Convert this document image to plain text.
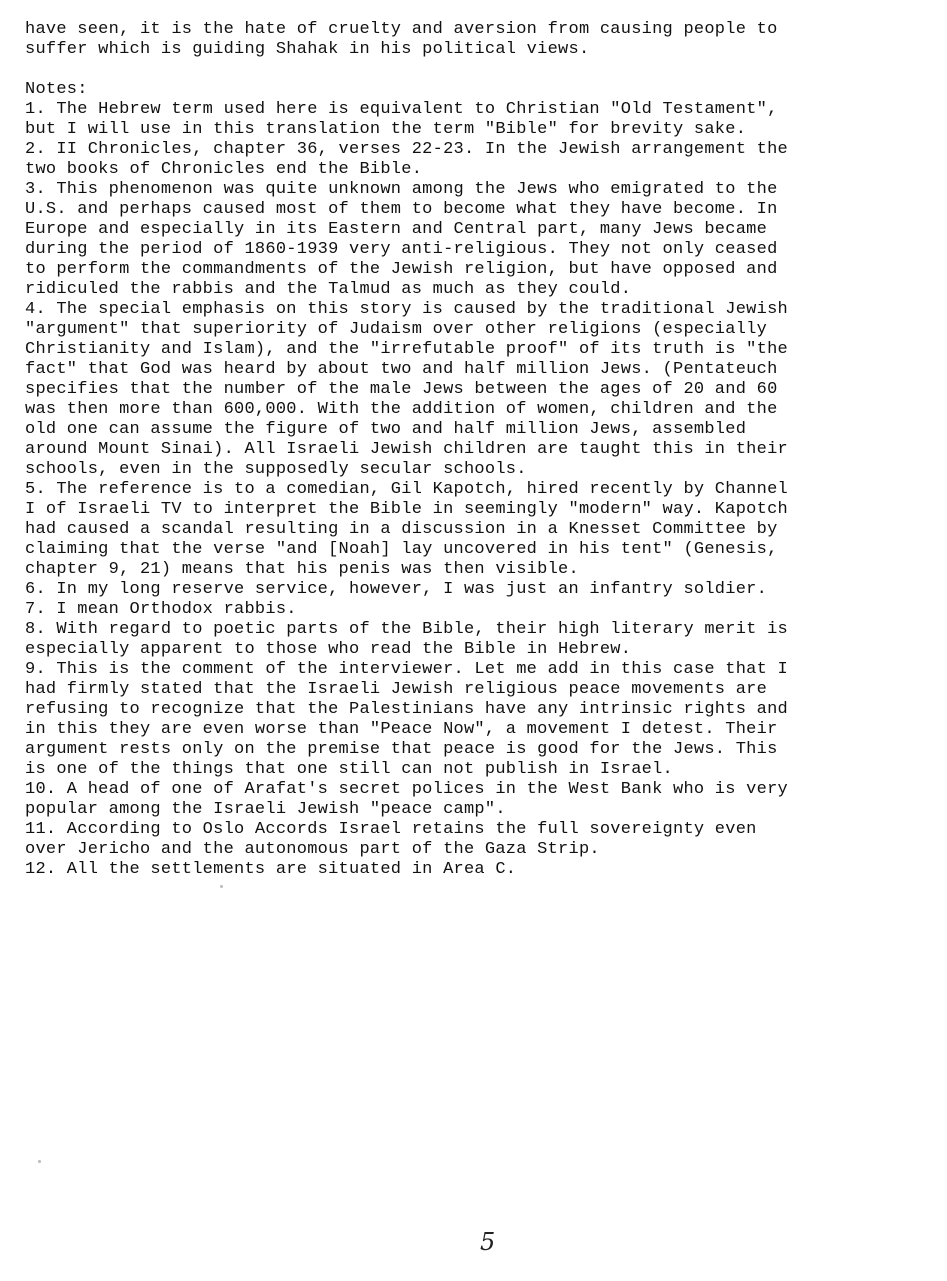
have seen, it is the hate of cruelty and aversion from causing people to
suffer which is guiding Shahak in his political views.
Notes:
1. The Hebrew term used here is equivalent to Christian "Old Testament",
but I will use in this translation the term "Bible" for brevity sake.
2. II Chronicles, chapter 36, verses 22-23. In the Jewish arrangement the
two books of Chronicles end the Bible.
3. This phenomenon was quite unknown among the Jews who emigrated to the
U.S. and perhaps caused most of them to become what they have become. In
Europe and especially in its Eastern and Central part, many Jews became
during the period of 1860-1939 very anti-religious. They not only ceased
to perform the commandments of the Jewish religion, but have opposed and
ridiculed the rabbis and the Talmud as much as they could.
4. The special emphasis on this story is caused by the traditional Jewish
"argument" that superiority of Judaism over other religions (especially
Christianity and Islam), and the "irrefutable proof" of its truth is "the
fact" that God was heard by about two and half million Jews. (Pentateuch
specifies that the number of the male Jews between the ages of 20 and 60
was then more than 600,000. With the addition of women, children and the
old one can assume the figure of two and half million Jews, assembled
around Mount Sinai). All Israeli Jewish children are taught this in their
schools, even in the supposedly secular schools.
5. The reference is to a comedian, Gil Kapotch, hired recently by Channel
I of Israeli TV to interpret the Bible in seemingly "modern" way. Kapotch
had caused a scandal resulting in a discussion in a Knesset Committee by
claiming that the verse "and [Noah] lay uncovered in his tent" (Genesis,
chapter 9, 21) means that his penis was then visible.
6. In my long reserve service, however, I was just an infantry soldier.
7. I mean Orthodox rabbis.
8. With regard to poetic parts of the Bible, their high literary merit is
especially apparent to those who read the Bible in Hebrew.
9. This is the comment of the interviewer. Let me add in this case that I
had firmly stated that the Israeli Jewish religious peace movements are
refusing to recognize that the Palestinians have any intrinsic rights and
in this they are even worse than "Peace Now", a movement I detest. Their
argument rests only on the premise that peace is good for the Jews. This
is one of the things that one still can not publish in Israel.
10. A head of one of Arafat's secret polices in the West Bank who is very
popular among the Israeli Jewish "peace camp".
11. According to Oslo Accords Israel retains the full sovereignty even
over Jericho and the autonomous part of the Gaza Strip.
12. All the settlements are situated in Area C.
5
